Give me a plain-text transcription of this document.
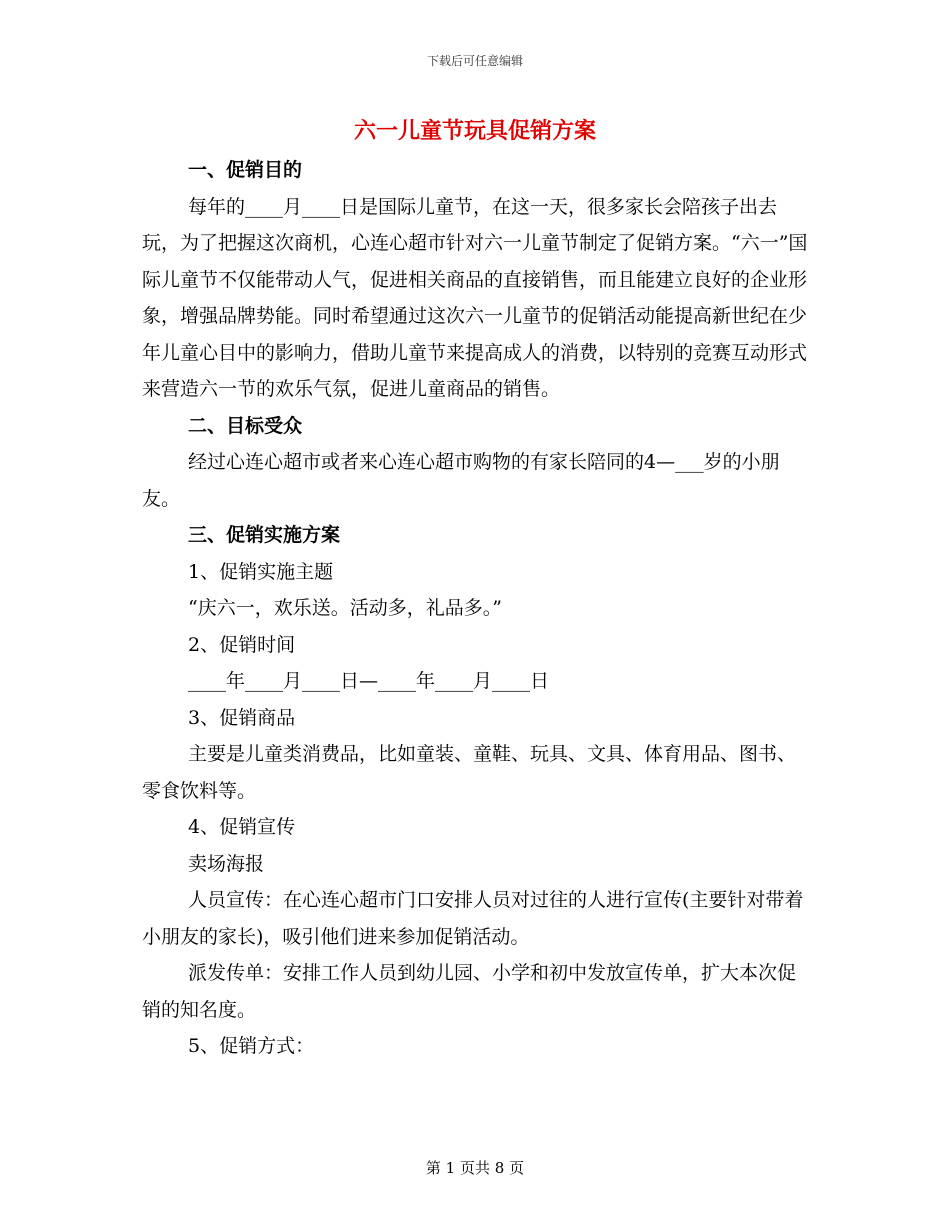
下载后可任意编辑
六一儿童节玩具促销方案

一、促销目的

每年的____月____日是国际儿童节，在这一天，很多家长会陪孩子出去玩，为了把握这次商机，心连心超市针对六一儿童节制定了促销方案。“六一”国际儿童节不仅能带动人气，促进相关商品的直接销售，而且能建立良好的企业形象，增强品牌势能。同时希望通过这次六一儿童节的促销活动能提高新世纪在少年儿童心目中的影响力，借助儿童节来提高成人的消费，以特别的竞赛互动形式来营造六一节的欢乐气氛，促进儿童商品的销售。

二、目标受众

经过心连心超市或者来心连心超市购物的有家长陪同的4—___岁的小朋友。

三、促销实施方案

1、促销实施主题

“庆六一，欢乐送。活动多，礼品多。”

2、促销时间

____年____月____日—____年____月____日

3、促销商品

主要是儿童类消费品，比如童装、童鞋、玩具、文具、体育用品、图书、零食饮料等。

4、促销宣传

卖场海报

人员宣传：在心连心超市门口安排人员对过往的人进行宣传(主要针对带着小朋友的家长)，吸引他们进来参加促销活动。

派发传单：安排工作人员到幼儿园、小学和初中发放宣传单，扩大本次促销的知名度。

5、促销方式：

第 1 页共 8 页
